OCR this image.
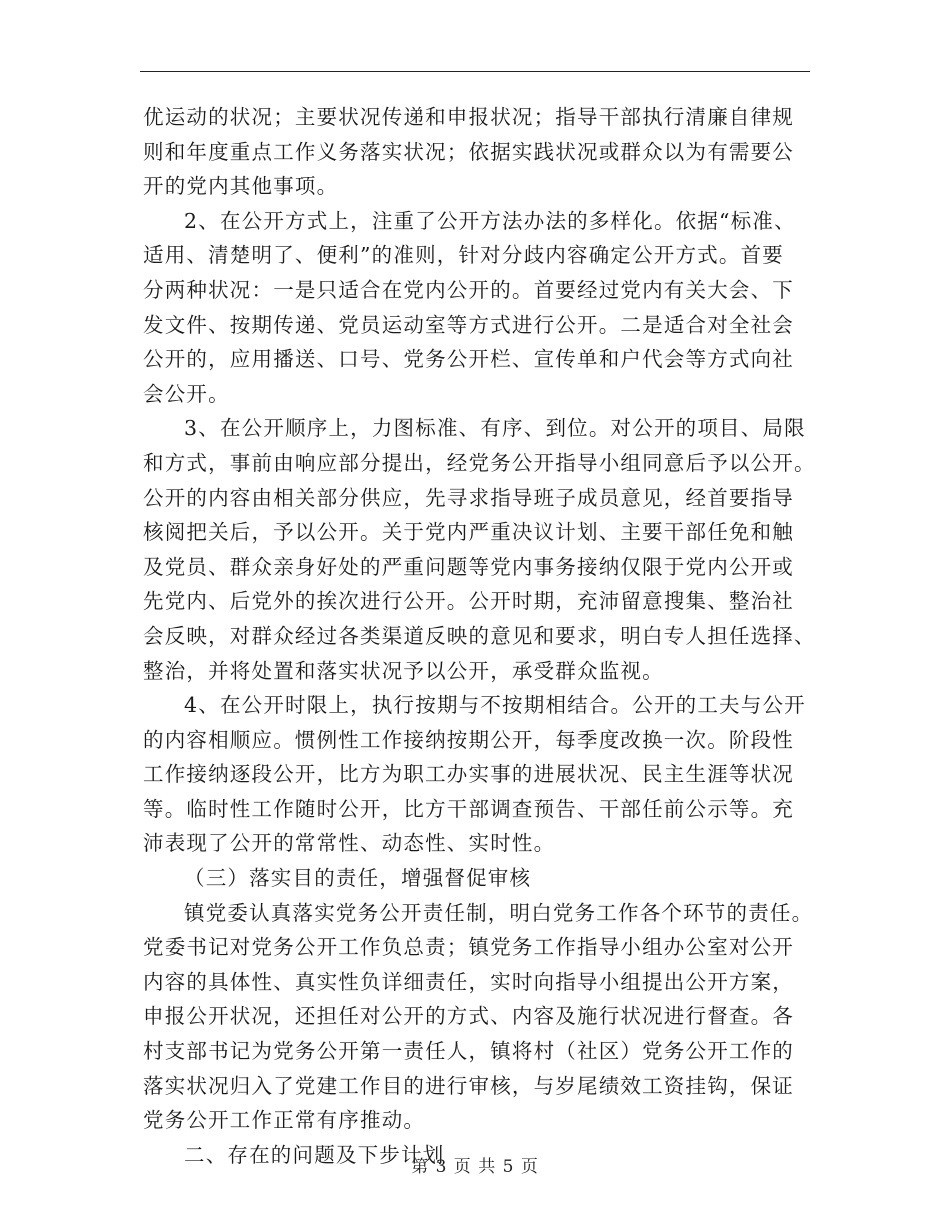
优运动的状况；主要状况传递和申报状况；指导干部执行清廉自律规
则和年度重点工作义务落实状况；依据实践状况或群众以为有需要公
开的党内其他事项。
2、在公开方式上，注重了公开方法办法的多样化。依据“标准、
适用、清楚明了、便利”的准则，针对分歧内容确定公开方式。首要
分两种状况：一是只适合在党内公开的。首要经过党内有关大会、下
发文件、按期传递、党员运动室等方式进行公开。二是适合对全社会
公开的，应用播送、口号、党务公开栏、宣传单和户代会等方式向社
会公开。
3、在公开顺序上，力图标准、有序、到位。对公开的项目、局限
和方式，事前由响应部分提出，经党务公开指导小组同意后予以公开。
公开的内容由相关部分供应，先寻求指导班子成员意见，经首要指导
核阅把关后，予以公开。关于党内严重决议计划、主要干部任免和触
及党员、群众亲身好处的严重问题等党内事务接纳仅限于党内公开或
先党内、后党外的挨次进行公开。公开时期，充沛留意搜集、整治社
会反映，对群众经过各类渠道反映的意见和要求，明白专人担任选择、
整治，并将处置和落实状况予以公开，承受群众监视。
4、在公开时限上，执行按期与不按期相结合。公开的工夫与公开
的内容相顺应。惯例性工作接纳按期公开，每季度改换一次。阶段性
工作接纳逐段公开，比方为职工办实事的进展状况、民主生涯等状况
等。临时性工作随时公开，比方干部调查预告、干部任前公示等。充
沛表现了公开的常常性、动态性、实时性。
（三）落实目的责任，增强督促审核
镇党委认真落实党务公开责任制，明白党务工作各个环节的责任。
党委书记对党务公开工作负总责；镇党务工作指导小组办公室对公开
内容的具体性、真实性负详细责任，实时向指导小组提出公开方案，
申报公开状况，还担任对公开的方式、内容及施行状况进行督查。各
村支部书记为党务公开第一责任人，镇将村（社区）党务公开工作的
落实状况归入了党建工作目的进行审核，与岁尾绩效工资挂钩，保证
党务公开工作正常有序推动。
二、存在的问题及下步计划
第 3 页 共 5 页
